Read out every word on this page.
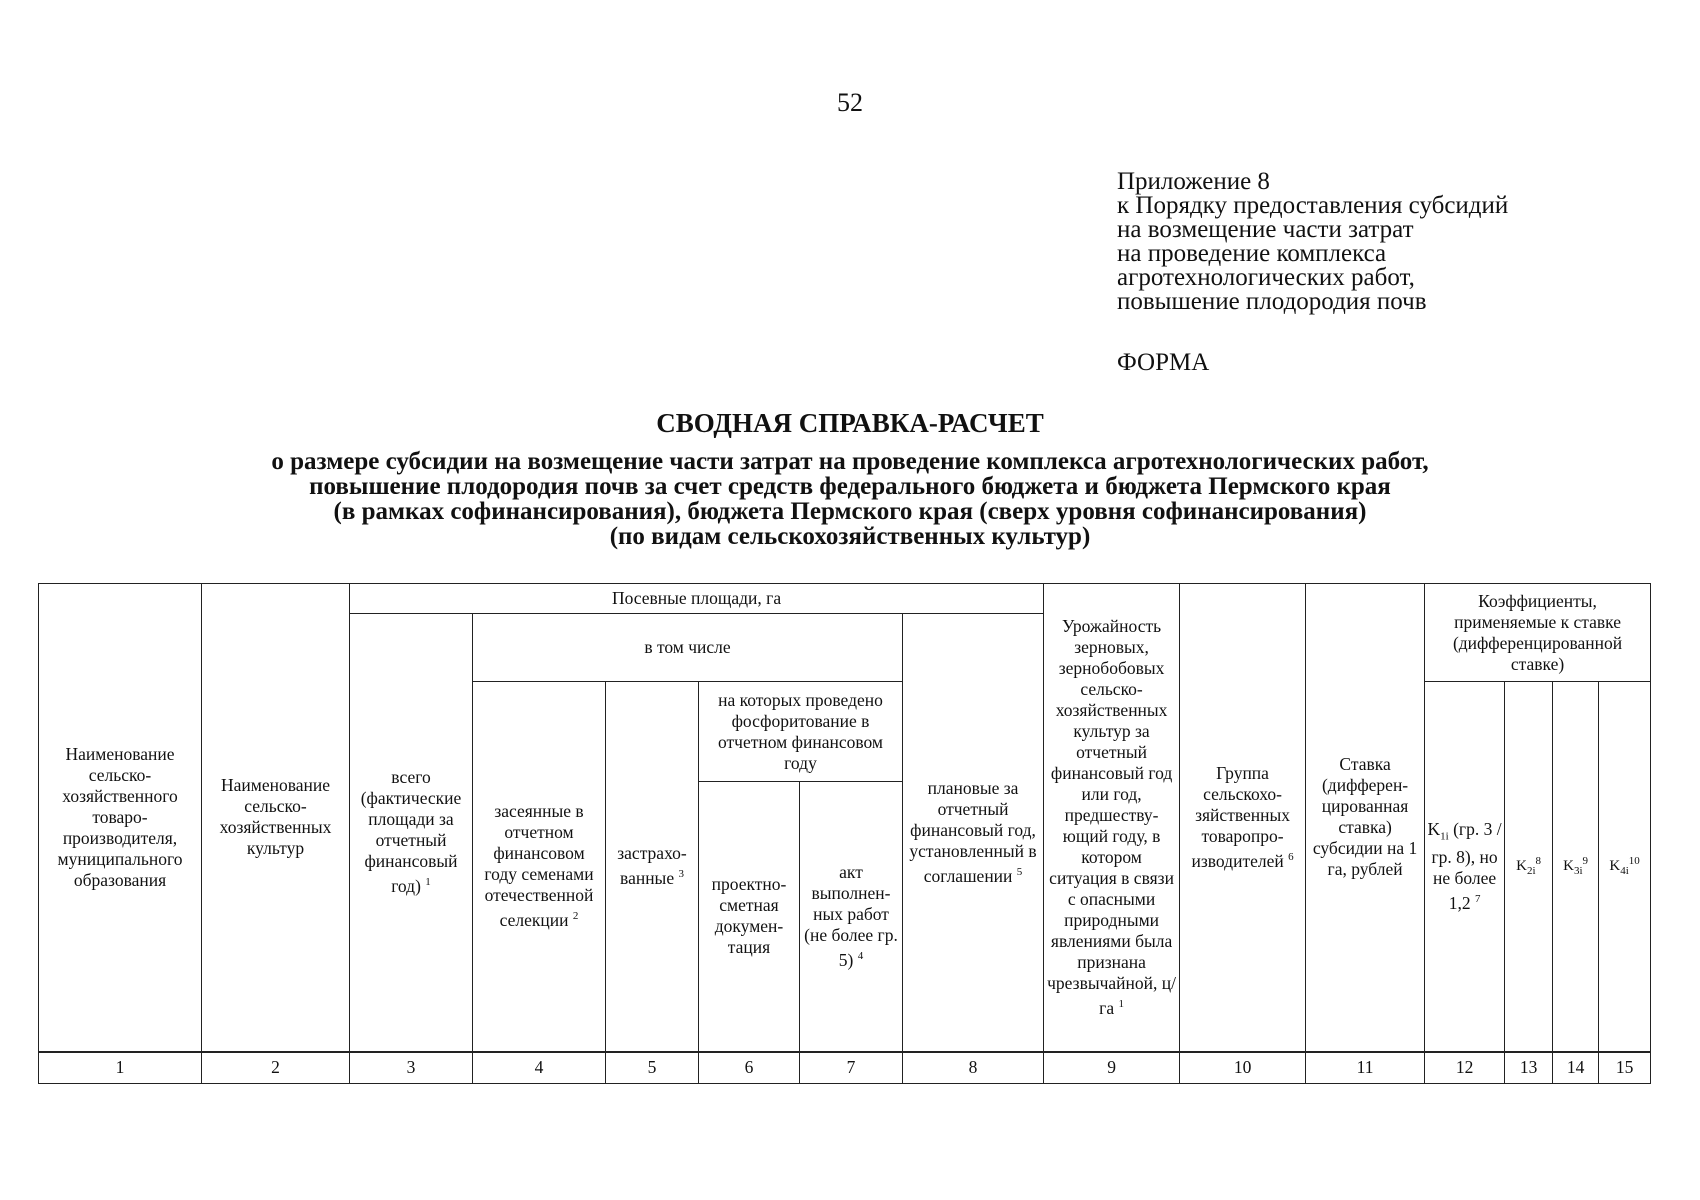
52
Приложение 8
к Порядку предоставления субсидий
на возмещение части затрат
на проведение комплекса
агротехнологических работ,
повышение плодородия почв
ФОРМА
СВОДНАЯ СПРАВКА-РАСЧЕТ
о размере субсидии на возмещение части затрат на проведение комплекса агротехнологических работ,
повышение плодородия почв за счет средств федерального бюджета и бюджета Пермского края
(в рамках софинансирования), бюджета Пермского края (сверх уровня софинансирования)
(по видам сельскохозяйственных культур)
Наименование сельско-хозяйственного товаро-производителя, муниципального образования	Наименование сельско-хозяйственных культур	Посевные площади, га						Урожайность зерновых, зернобобовых сельско-хозяйственных культур за отчетный финансовый год или год, предшеству-ющий году, в котором ситуация в связи с опасными природными явлениями была признана чрезвычайной, ц/га $^1$	Группа сельскохо-зяйственных товаропро-изводителей $^6$	Ставка (дифферен-цированная ставка) субсидии на 1 га, рублей	Коэффициенты, применяемые к ставке (дифференцированной ставке)			
		всего (фактические площади за отчетный финансовый год) $^1$	в том числе				плановые за отчетный финансовый год, установленный в соглашении $^5$
			засеянные в отчетном финансовом году семенами отечественной селекции $^2$	застрахо-ванные $^3$	на которых проведено фосфоритование в отчетном финансовом году						$K_{1i}$ (гр. 3 / гр. 8), но не более 1,2 $^7$	$K_{2i}^8$	$K_{3i}^9$	$K_{4i}^{10}$
					проектно-сметная докумен-тация	акт выполнен-ных работ (не более гр. 5) $^4$
1	2	3	4	5	6	7	8	9	10	11	12	13	14	15
